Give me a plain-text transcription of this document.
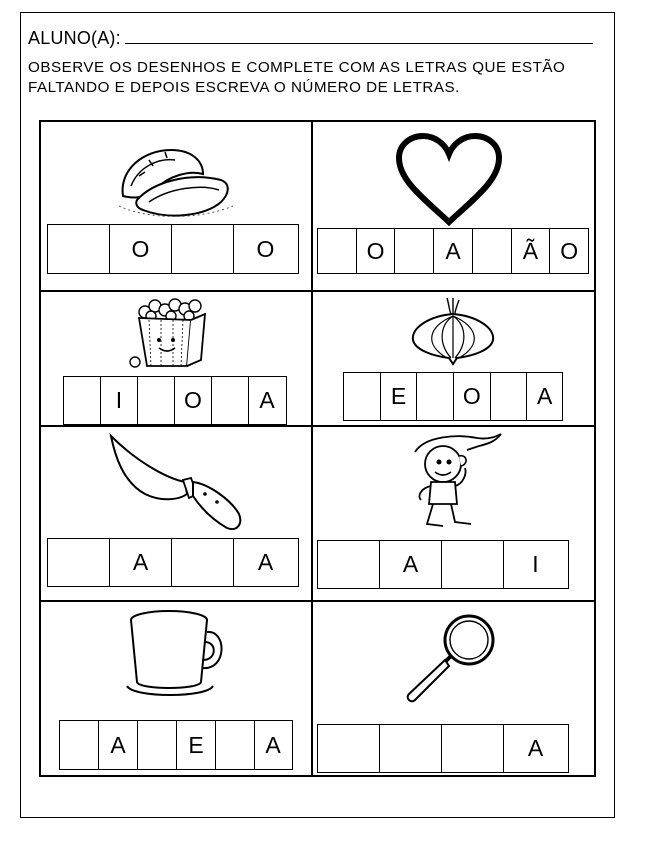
ALUNO(A):
OBSERVE OS DESENHOS E COMPLETE COM AS LETRAS QUE ESTÃO FALTANDO E DEPOIS ESCREVA O NÚMERO DE LETRAS.
O	O	O	A	Ã O
I	O	A	E	O	A
A	A	A	I
A	E	A	A
